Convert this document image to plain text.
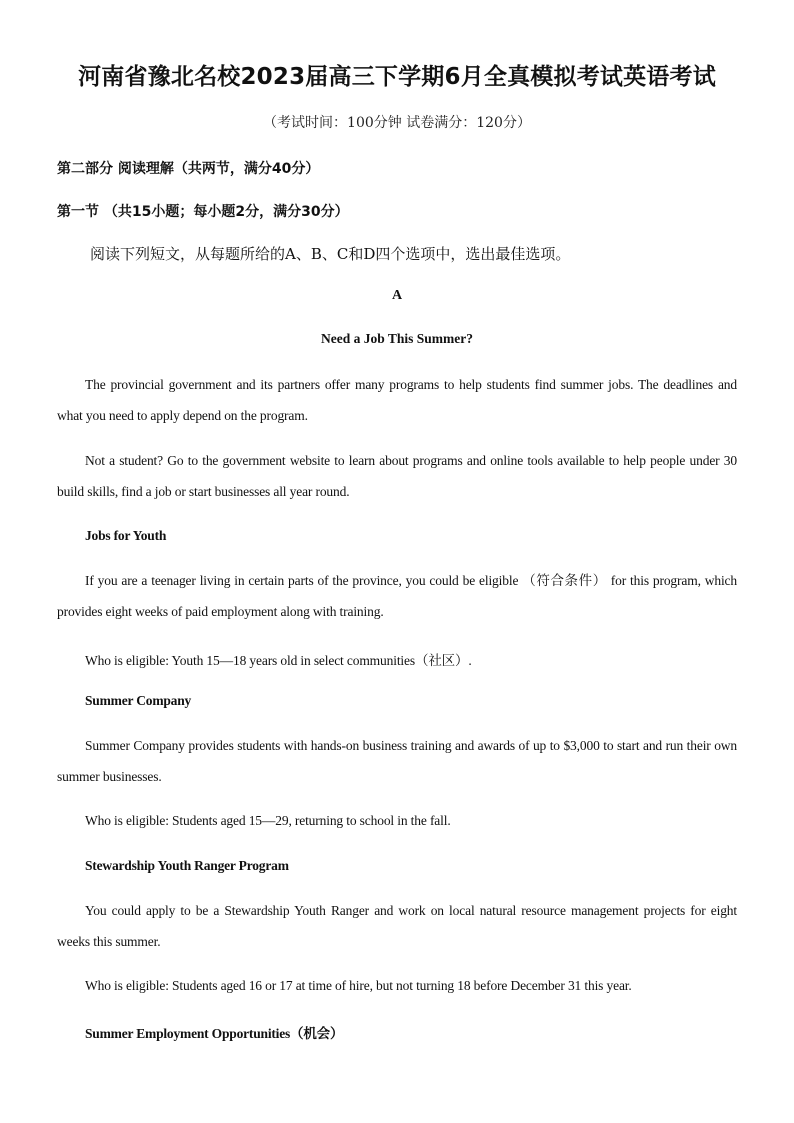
河南省豫北名校2023届高三下学期6月全真模拟考试英语考试
（考试时间：100分钟 试卷满分：120分）
第二部分 阅读理解（共两节，满分40分）
第一节 （共15小题；每小题2分，满分30分）
阅读下列短文，从每题所给的A、B、C和D四个选项中，选出最佳选项。
A
Need a Job This Summer?
The provincial government and its partners offer many programs to help students find summer jobs. The deadlines and what you need to apply depend on the program.
Not a student? Go to the government website to learn about programs and online tools available to help people under 30 build skills, find a job or start businesses all year round.
Jobs for Youth
If you are a teenager living in certain parts of the province, you could be eligible （符合条件） for this program, which provides eight weeks of paid employment along with training.
Who is eligible: Youth 15—18 years old in select communities（社区）.
Summer Company
Summer Company provides students with hands-on business training and awards of up to $3,000 to start and run their own summer businesses.
Who is eligible: Students aged 15—29, returning to school in the fall.
Stewardship Youth Ranger Program
You could apply to be a Stewardship Youth Ranger and work on local natural resource management projects for eight weeks this summer.
Who is eligible: Students aged 16 or 17 at time of hire, but not turning 18 before December 31 this year.
Summer Employment Opportunities（机会）
